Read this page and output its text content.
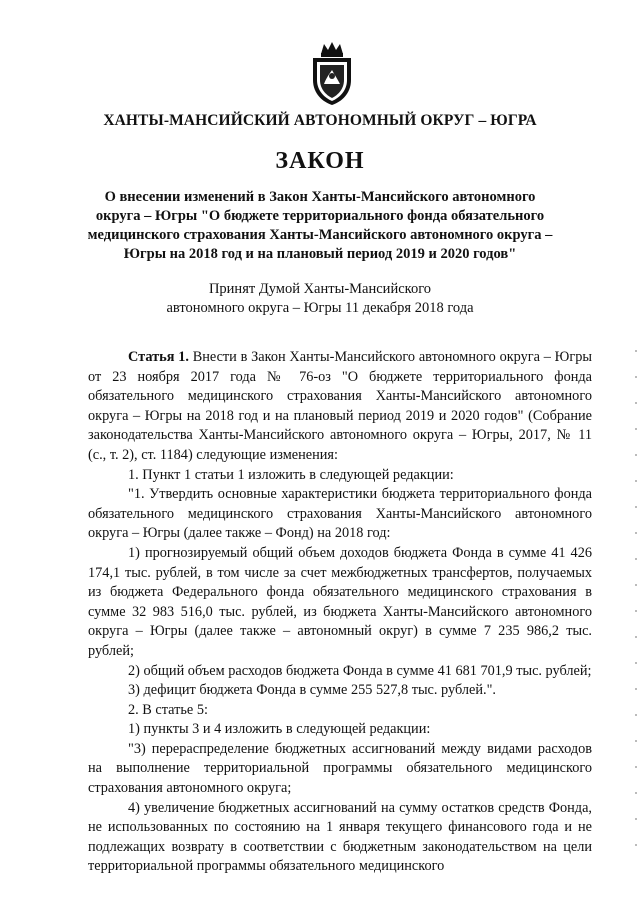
ХАНТЫ-МАНСИЙСКИЙ АВТОНОМНЫЙ ОКРУГ – ЮГРА
ЗАКОН
О внесении изменений в Закон Ханты-Мансийского автономного
округа – Югры "О бюджете территориального фонда обязательного
медицинского страхования Ханты-Мансийского автономного округа –
Югры на 2018 год и на плановый период 2019 и 2020 годов"
Принят Думой Ханты-Мансийского
автономного округа – Югры 11 декабря 2018 года

Статья 1. Внести в Закон Ханты-Мансийского автономного округа – Югры от 23 ноября 2017 года № 76-оз "О бюджете территориального фонда обязательного медицинского страхования Ханты-Мансийского автономного округа – Югры на 2018 год и на плановый период 2019 и 2020 годов" (Собрание законодательства Ханты-Мансийского автономного округа – Югры, 2017, № 11 (с., т. 2), ст. 1184) следующие изменения:

1. Пункт 1 статьи 1 изложить в следующей редакции:

"1. Утвердить основные характеристики бюджета территориального фонда обязательного медицинского страхования Ханты-Мансийского автономного округа – Югры (далее также – Фонд) на 2018 год:

1) прогнозируемый общий объем доходов бюджета Фонда в сумме 41 426 174,1 тыс. рублей, в том числе за счет межбюджетных трансфертов, получаемых из бюджета Федерального фонда обязательного медицинского страхования в сумме 32 983 516,0 тыс. рублей, из бюджета Ханты-Мансийского автономного округа – Югры (далее также – автономный округ) в сумме 7 235 986,2 тыс. рублей;

2) общий объем расходов бюджета Фонда в сумме 41 681 701,9 тыс. рублей;

3) дефицит бюджета Фонда в сумме 255 527,8 тыс. рублей.".

2. В статье 5:

1) пункты 3 и 4 изложить в следующей редакции:

"3) перераспределение бюджетных ассигнований между видами расходов на выполнение территориальной программы обязательного медицинского страхования автономного округа;

4) увеличение бюджетных ассигнований на сумму остатков средств Фонда, не использованных по состоянию на 1 января текущего финансового года и не подлежащих возврату в соответствии с бюджетным законодательством на цели территориальной программы обязательного медицинского
